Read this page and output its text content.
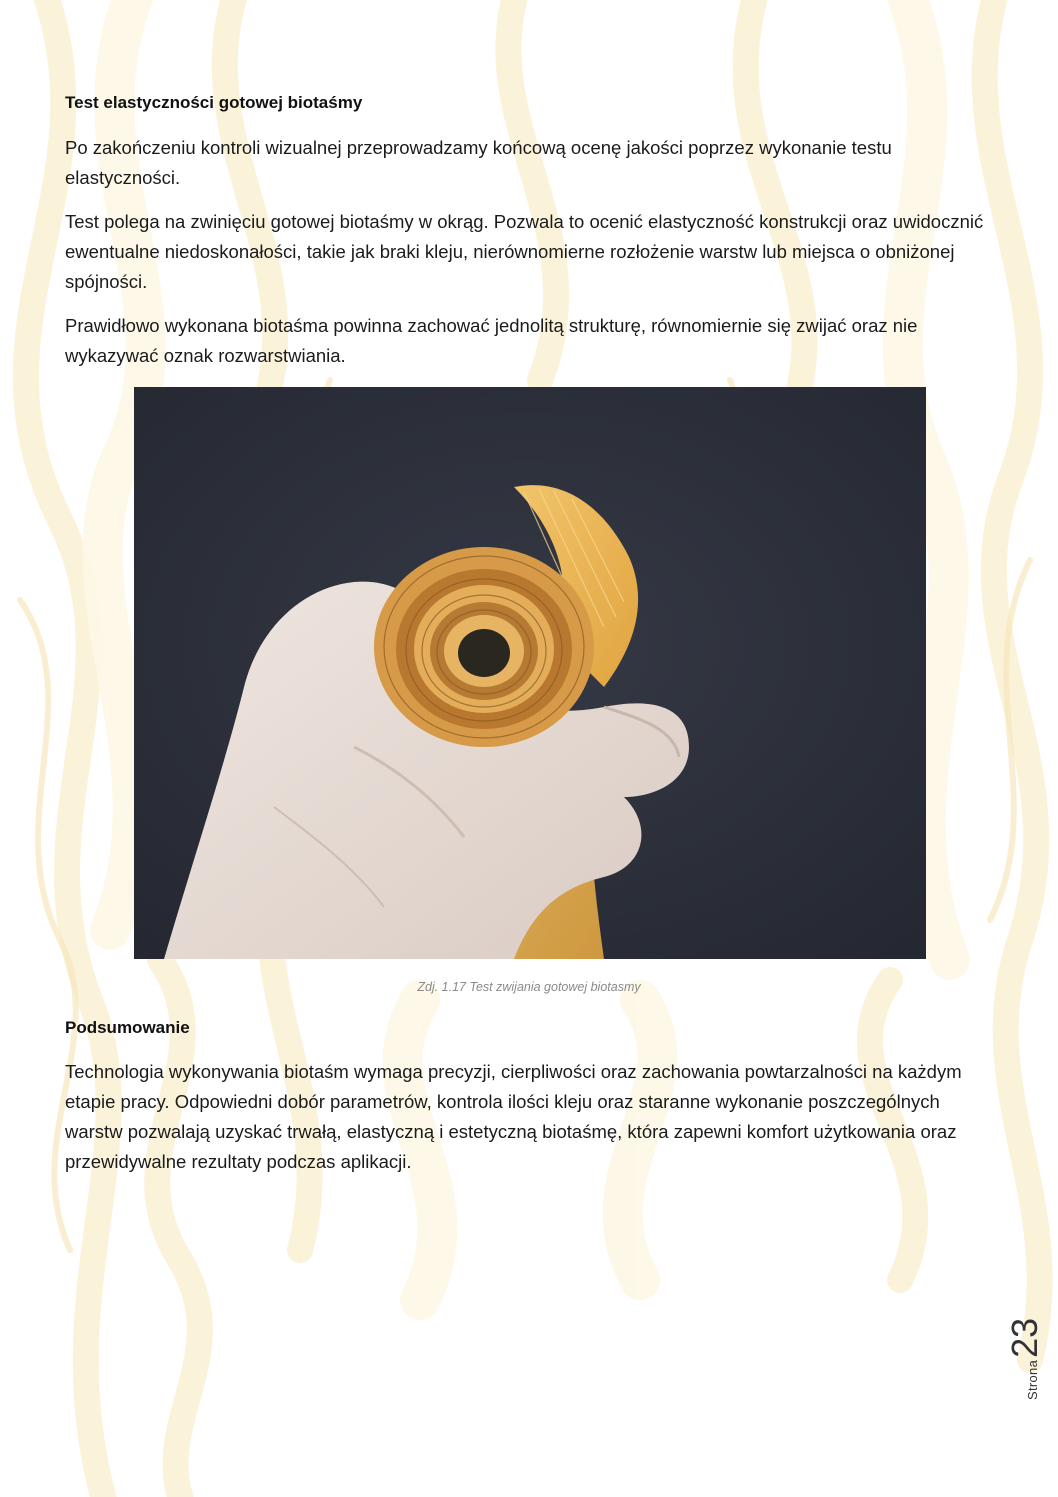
Test elastyczności gotowej biotaśmy

Po zakończeniu kontroli wizualnej przeprowadzamy końcową ocenę jakości poprzez wykonanie testu elastyczności.

Test polega na zwinięciu gotowej biotaśmy w okrąg. Pozwala to ocenić elastyczność konstrukcji oraz uwidocznić ewentualne niedoskonałości, takie jak braki kleju, nierównomierne rozłożenie warstw lub miejsca o obniżonej spójności.

Prawidłowo wykonana biotaśma powinna zachować jednolitą strukturę, równomiernie się zwijać oraz nie wykazywać oznak rozwarstwiania.

Podsumowanie

Technologia wykonywania biotaśm wymaga precyzji, cierpliwości oraz zachowania powtarzalności na każdym etapie pracy. Odpowiedni dobór parametrów, kontrola ilości kleju oraz staranne wykonanie poszczególnych warstw pozwalają uzyskać trwałą, elastyczną i estetyczną biotaśmę, która zapewni komfort użytkowania oraz przewidywalne rezultaty podczas aplikacji.

Zdj. 1.17 Test zwijania gotowej biotasmy
Strona23
